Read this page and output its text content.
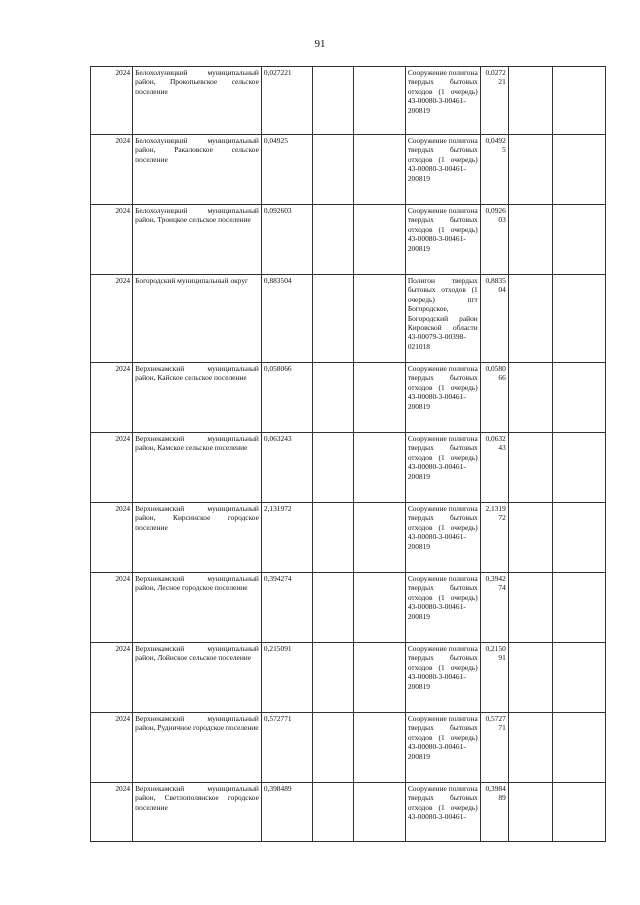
91
2024	Белохолуницкий муниципальный район, Прокопьевское сельское поселение	0,027221			Сооружение полигона твердых бытовых отходов (1 очередь) 43-00080-3-00461-200819	0,027221		
2024	Белохолуницкий муниципальный район, Ракаловское сельское поселение	0,04925			Сооружение полигона твердых бытовых отходов (1 очередь) 43-00080-3-00461-200819	0,04925		
2024	Белохолуницкий муниципальный район, Троицкое сельское поселение	0,092603			Сооружение полигона твердых бытовых отходов (1 очередь) 43-00080-3-00461-200819	0,092603		
2024	Богородский муниципальный округ	0,883504			Полигон твердых бытовых отходов (1 очередь) пгт Богородское, Богородский район Кировской области 43-00079-3-00398-021018	0,883504		
2024	Верхнекамский муниципальный район, Кайское сельское поселение	0,058066			Сооружение полигона твердых бытовых отходов (1 очередь) 43-00080-3-00461-200819	0,058066		
2024	Верхнекамский муниципальный район, Камское сельское поселение	0,063243			Сооружение полигона твердых бытовых отходов (1 очередь) 43-00080-3-00461-200819	0,063243		
2024	Верхнекамский муниципальный район, Кирсинское городское поселение	2,131972			Сооружение полигона твердых бытовых отходов (1 очередь) 43-00080-3-00461-200819	2,131972		
2024	Верхнекамский муниципальный район, Лесное городское поселение	0,394274			Сооружение полигона твердых бытовых отходов (1 очередь) 43-00080-3-00461-200819	0,394274		
2024	Верхнекамский муниципальный район, Лойнское сельское поселение	0,215091			Сооружение полигона твердых бытовых отходов (1 очередь) 43-00080-3-00461-200819	0,215091		
2024	Верхнекамский муниципальный район, Рудничное городское поселение	0,572771			Сооружение полигона твердых бытовых отходов (1 очередь) 43-00080-3-00461-200819	0,572771		
2024	Верхнекамский муниципальный район, Светлополянское городское поселение	0,398489			Сооружение полигона твердых бытовых отходов (1 очередь) 43-00080-3-00461-	0,398489		
